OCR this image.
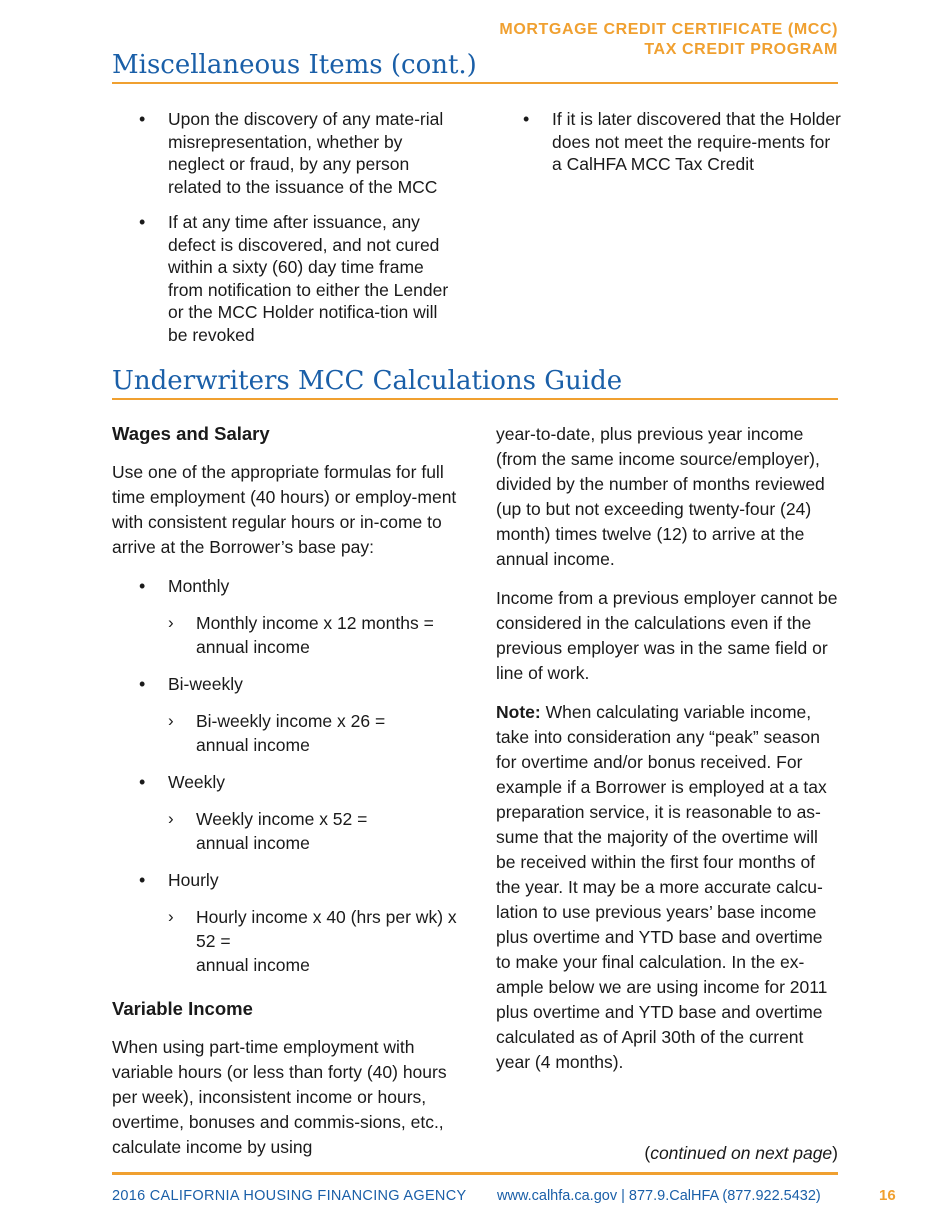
MORTGAGE CREDIT CERTIFICATE (MCC)
TAX CREDIT PROGRAM
Miscellaneous Items (cont.)
• Upon the discovery of any mate-rial misrepresentation, whether by neglect or fraud, by any person related to the issuance of the MCC
• If at any time after issuance, any defect is discovered, and not cured within a sixty (60) day time frame from notification to either the Lender or the MCC Holder notifica-tion will be revoked
• If it is later discovered that the Holder does not meet the require-ments for a CalHFA MCC Tax Credit
Underwriters MCC Calculations Guide
Wages and Salary
Use one of the appropriate formulas for full time employment (40 hours) or employ-ment with consistent regular hours or in-come to arrive at the Borrower’s base pay:
• Monthly
› Monthly income x 12 months =
annual income
• Bi-weekly
› Bi-weekly income x 26 =
annual income
• Weekly
› Weekly income x 52 =
annual income
• Hourly
› Hourly income x 40 (hrs per wk) x 52 =
annual income
Variable Income
When using part-time employment with variable hours (or less than forty (40) hours per week), inconsistent income or hours, overtime, bonuses and commis-sions, etc., calculate income by using
year-to-date, plus previous year income (from the same income source/employer), divided by the number of months reviewed (up to but not exceeding twenty-four (24) month) times twelve (12) to arrive at the annual income.
Income from a previous employer cannot be considered in the calculations even if the previous employer was in the same field or line of work.
Note: When calculating variable income, take into consideration any “peak” season for overtime and/or bonus received. For example if a Borrower is employed at a tax preparation service, it is reasonable to as-sume that the majority of the overtime will be received within the first four months of the year. It may be a more accurate calcu-lation to use previous years’ base income plus overtime and YTD base and overtime to make your final calculation. In the ex-ample below we are using income for 2011 plus overtime and YTD base and overtime calculated as of April 30th of the current year (4 months).
(continued on next page)
2016 CALIFORNIA HOUSING FINANCING AGENCY www.calhfa.ca.gov | 877.9.CalHFA (877.922.5432)	16
